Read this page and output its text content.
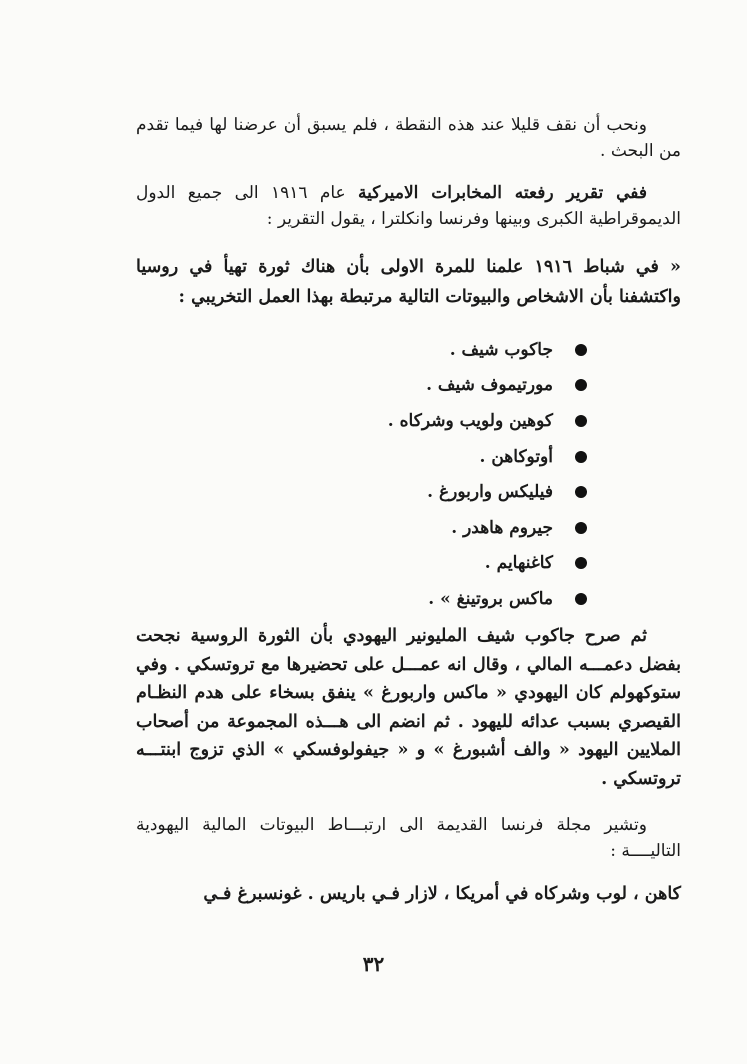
ونحب أن نقف قليلا عند هذه النقطة ، فلم يسبق أن عرضنا لها فيما تقدم من البحث .

ففي تقرير رفعته المخابرات الاميركية عام ١٩١٦ الى جميع الدول الديموقراطية الكبرى وبينها وفرنسا وانكلترا ، يقول التقرير :

« في شباط ١٩١٦ علمنا للمرة الاولى بأن هناك ثورة تهيأ في روسيا واكتشفنا بأن الاشخاص والبيوتات التالية مرتبطة بهذا العمل التخريبي :

جاكوب شيف .
مورتيموف شيف .
كوهين ولويب وشركاه .
أوتوكاهن .
فيليكس واربورغ .
جيروم هاهدر .
كاغنهايم .
ماكس بروتينغ » .

ثم صرح جاكوب شيف المليونير اليهودي بأن الثورة الروسية نجحت بفضل دعمـــه المالي ، وقال انه عمـــل على تحضيرها مع تروتسكي . وفي ستوكهولم كان اليهودي « ماكس واربورغ » ينفق بسخاء على هدم النظـام القيصري بسبب عدائه لليهود . ثم انضم الى هـــذه المجموعة من أصحاب الملايين اليهود « والف أشبورغ » و « جيفولوفسكي » الذي تزوج ابنتـــه تروتسكي .

وتشير مجلة فرنسا القديمة الى ارتبـــاط البيوتات المالية اليهودية التاليــــة :

كاهن ، لوب وشركاه في أمريكا ، لازار فـي باريس . غونسبرغ فـي

٣٢
